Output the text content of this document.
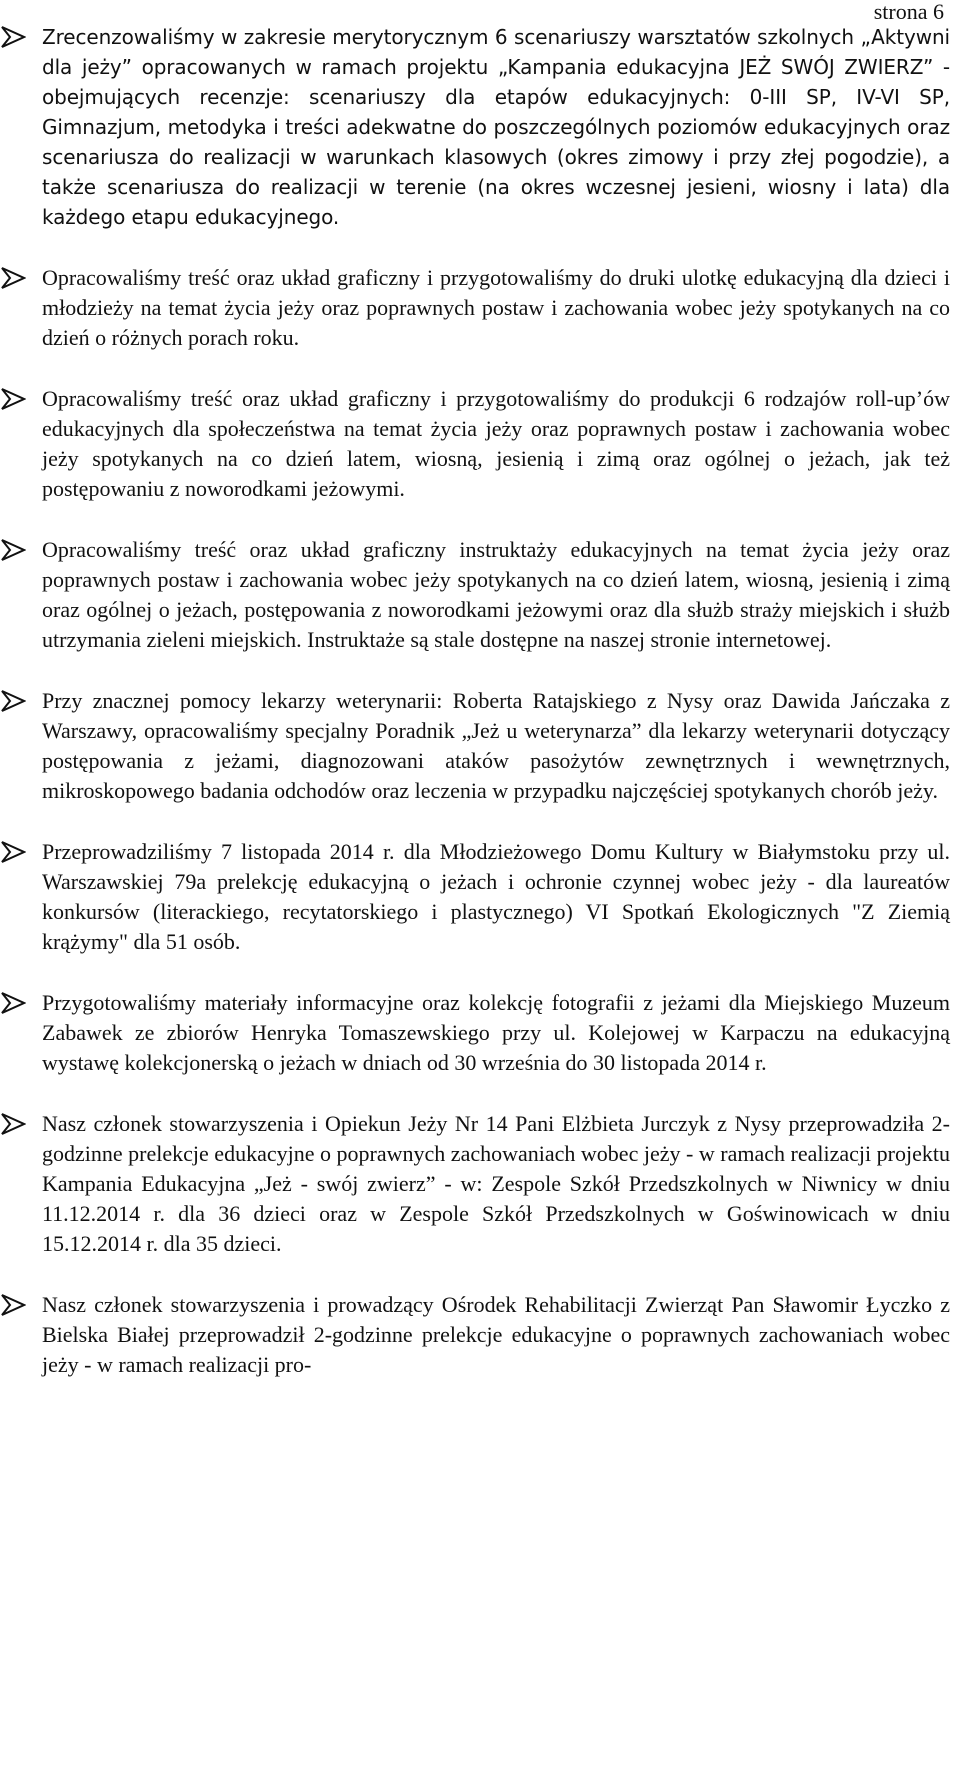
strona 6
Zrecenzowaliśmy w zakresie merytorycznym 6 scenariuszy warsztatów szkolnych „Aktywni dla jeży” opracowanych w ramach projektu „Kampania edukacyjna JEŻ SWÓJ ZWIERZ” - obejmujących recenzje: scenariuszy dla etapów edukacyjnych: 0-III SP, IV-VI SP, Gimnazjum, metodyka i treści adekwatne do poszczególnych poziomów edukacyjnych oraz scenariusza do realizacji w warunkach klasowych (okres zimowy i przy złej pogodzie), a także scenariusza do realizacji w terenie (na okres wczesnej jesieni, wiosny i lata) dla każdego etapu edukacyjnego.
Opracowaliśmy treść oraz układ graficzny i przygotowaliśmy do druki ulotkę edukacyjną dla dzieci i młodzieży na temat życia jeży oraz poprawnych postaw i zachowania wobec jeży spotykanych na co dzień o różnych porach roku.
Opracowaliśmy treść oraz układ graficzny i przygotowaliśmy do produkcji 6 rodzajów roll-up’ów edukacyjnych dla społeczeństwa na temat życia jeży oraz poprawnych postaw i zachowania wobec jeży spotykanych na co dzień latem, wiosną, jesienią i zimą oraz ogólnej o jeżach, jak też postępowaniu z noworodkami jeżowymi.
Opracowaliśmy treść oraz układ graficzny instruktaży edukacyjnych na temat życia jeży oraz poprawnych postaw i zachowania wobec jeży spotykanych na co dzień latem, wiosną, jesienią i zimą oraz ogólnej o jeżach, postępowania z noworodkami jeżowymi oraz dla służb straży miejskich i służb utrzymania zieleni miejskich. Instruktaże są stale dostępne na naszej stronie internetowej.
Przy znacznej pomocy lekarzy weterynarii: Roberta Ratajskiego z Nysy oraz Dawida Jańczaka z Warszawy, opracowaliśmy specjalny Poradnik „Jeż u weterynarza” dla lekarzy weterynarii dotyczący postępowania z jeżami, diagnozowani ataków pasożytów zewnętrznych i wewnętrznych, mikroskopowego badania odchodów oraz leczenia w przypadku najczęściej spotykanych chorób jeży.
Przeprowadziliśmy 7 listopada 2014 r. dla Młodzieżowego Domu Kultury w Białymstoku przy ul. Warszawskiej 79a prelekcję edukacyjną o jeżach i ochronie czynnej wobec jeży - dla laureatów konkursów (literackiego, recytatorskiego i plastycznego) VI Spotkań Ekologicznych "Z Ziemią krążymy" dla 51 osób.
Przygotowaliśmy materiały informacyjne oraz kolekcję fotografii z jeżami dla Miejskiego Muzeum Zabawek ze zbiorów Henryka Tomaszewskiego przy ul. Kolejowej w Karpaczu na edukacyjną wystawę kolekcjonerską o jeżach w dniach od 30 września do 30 listopada 2014 r.
Nasz członek stowarzyszenia i Opiekun Jeży Nr 14 Pani Elżbieta Jurczyk z Nysy przeprowadziła 2-godzinne prelekcje edukacyjne o poprawnych zachowaniach wobec jeży - w ramach realizacji projektu Kampania Edukacyjna „Jeż - swój zwierz” - w: Zespole Szkół Przedszkolnych w Niwnicy w dniu 11.12.2014 r. dla 36 dzieci oraz w Zespole Szkół Przedszkolnych w Goświnowicach w dniu 15.12.2014 r. dla 35 dzieci.
Nasz członek stowarzyszenia i prowadzący Ośrodek Rehabilitacji Zwierząt Pan Sławomir Łyczko z Bielska Białej przeprowadził 2-godzinne prelekcje edukacyjne o poprawnych zachowaniach wobec jeży - w ramach realizacji pro-
